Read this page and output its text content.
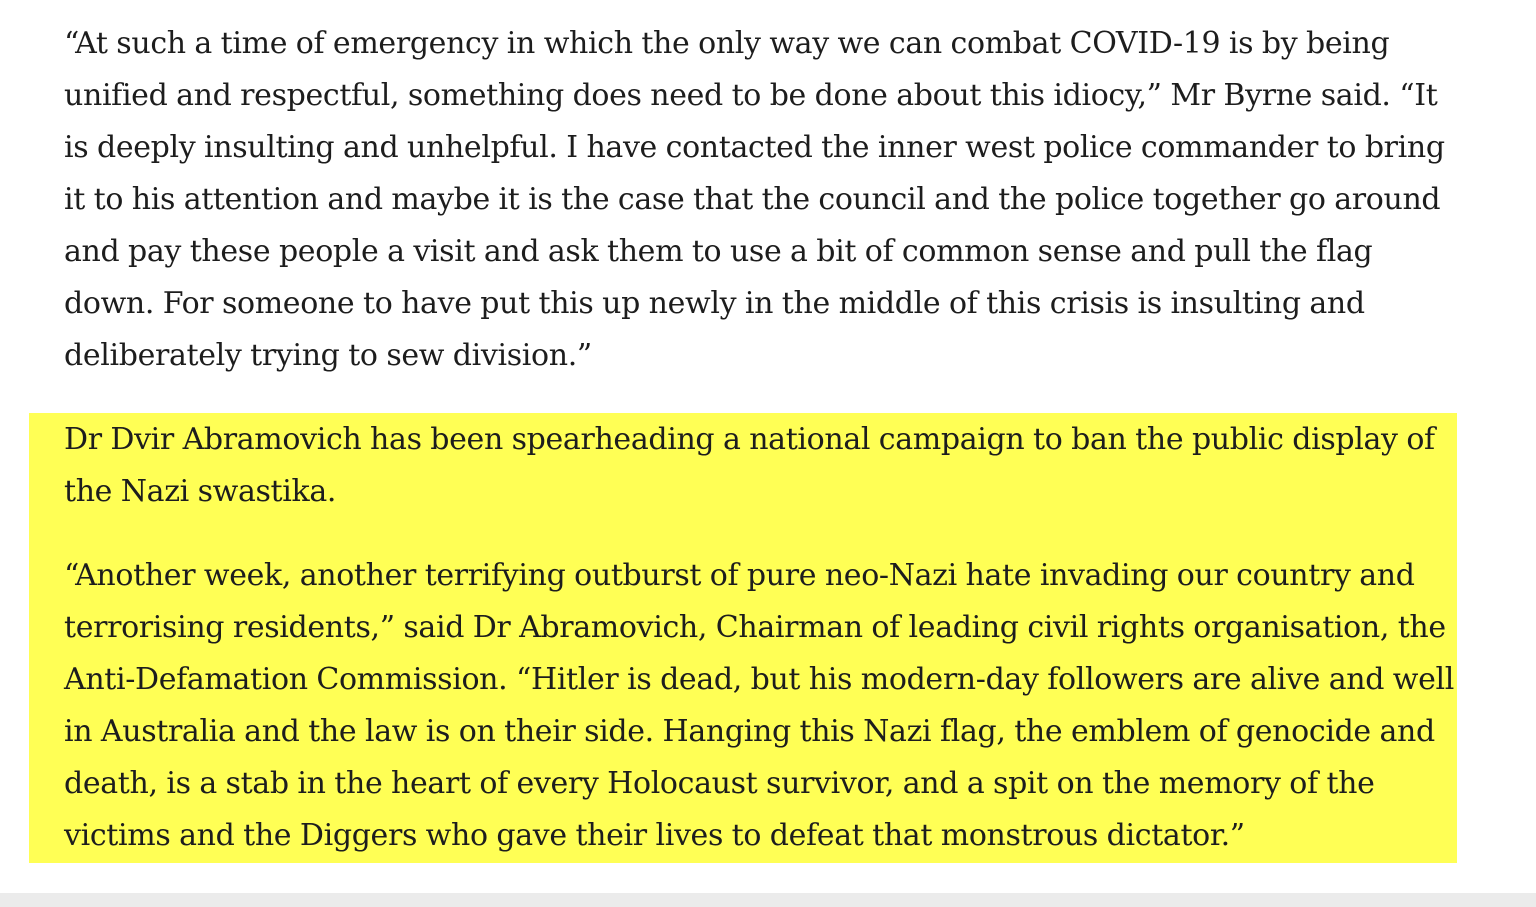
“At such a time of emergency in which the only way we can combat COVID-19 is by being unified and respectful, something does need to be done about this idiocy,” Mr Byrne said. “It is deeply insulting and unhelpful. I have contacted the inner west police commander to bring it to his attention and maybe it is the case that the council and the police together go around and pay these people a visit and ask them to use a bit of common sense and pull the flag down. For someone to have put this up newly in the middle of this crisis is insulting and deliberately trying to sew division.”

Dr Dvir Abramovich has been spearheading a national campaign to ban the public display of the Nazi swastika.

“Another week, another terrifying outburst of pure neo-Nazi hate invading our country and terrorising residents,” said Dr Abramovich, Chairman of leading civil rights organisation, the Anti-Defamation Commission. “Hitler is dead, but his modern-day followers are alive and well in Australia and the law is on their side. Hanging this Nazi flag, the emblem of genocide and death, is a stab in the heart of every Holocaust survivor, and a spit on the memory of the victims and the Diggers who gave their lives to defeat that monstrous dictator.”
